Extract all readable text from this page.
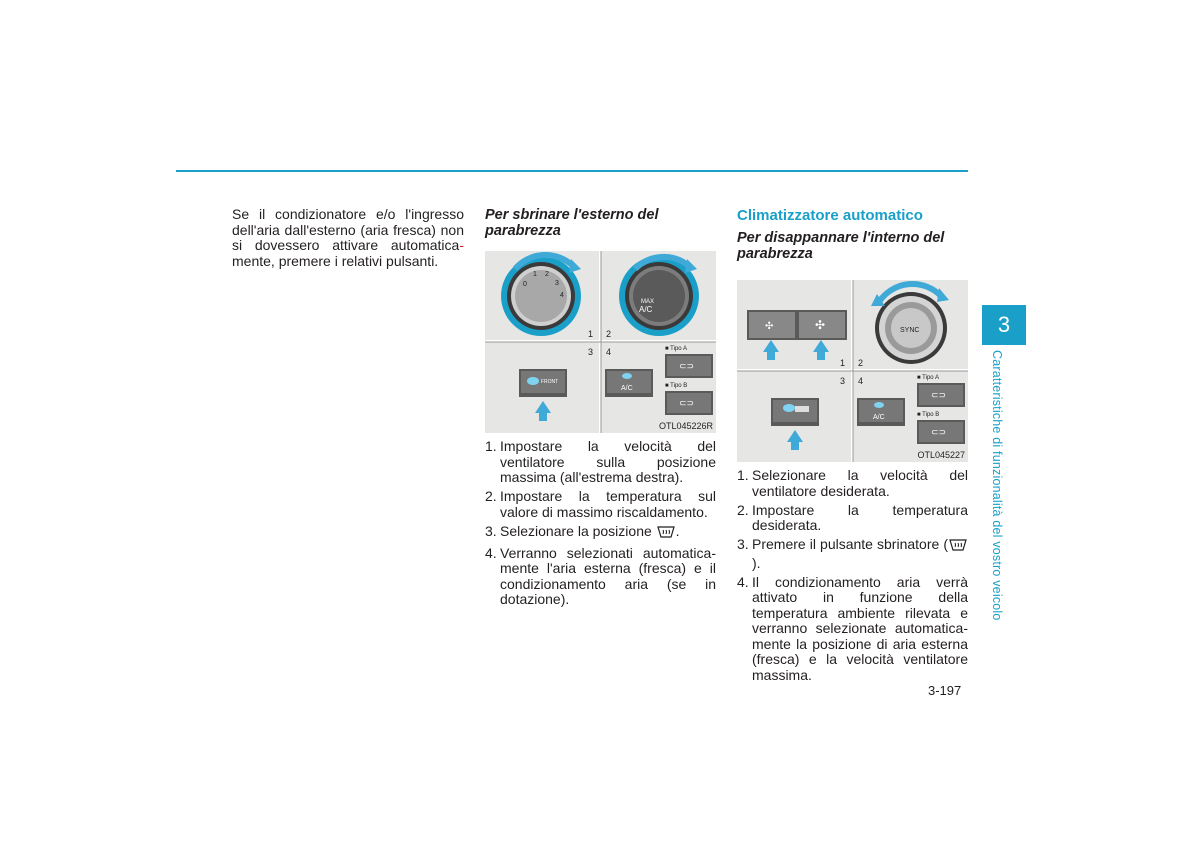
Se il condizionatore e/o l'ingresso dell'aria dall'esterno (aria fresca) non si dovessero attivare automatica- mente, premere i relativi pulsanti.
Per sbrinare l'esterno del parabrezza
0
1 2
3
4
MAX
A/C
1 2
3 4
FRONT
A/C
■ Tipo A
■ Tipo B
⊂⊃
⊂⊃
OTL045226R
1. Impostare la velocità del ventilatore sulla posizione massima (all'estrema destra).
2. Impostare la temperatura sul valore di massimo riscaldamento.
3. Selezionare la posizione .
4. Verranno selezionati automatica-mente l'aria esterna (fresca) e il condizionamento aria (se in dotazione).
Climatizzatore automatico
Per disappannare l'interno del parabrezza
✣	✣	SYNC
1 2
3 4
A/C
■ Tipo A
■ Tipo B
⊂⊃
⊂⊃
OTL045227
1. Selezionare la velocità del ventilatore desiderata.
2. Impostare la temperatura desiderata.
3. Premere il pulsante sbrinatore ().
4. Il condizionamento aria verrà attivato in funzione della temperatura ambiente rilevata e verranno selezionate automatica-mente la posizione di aria esterna (fresca) e la velocità ventilatore massima.
3
Caratteristiche di funzionalità del vostro veicolo
3-197
